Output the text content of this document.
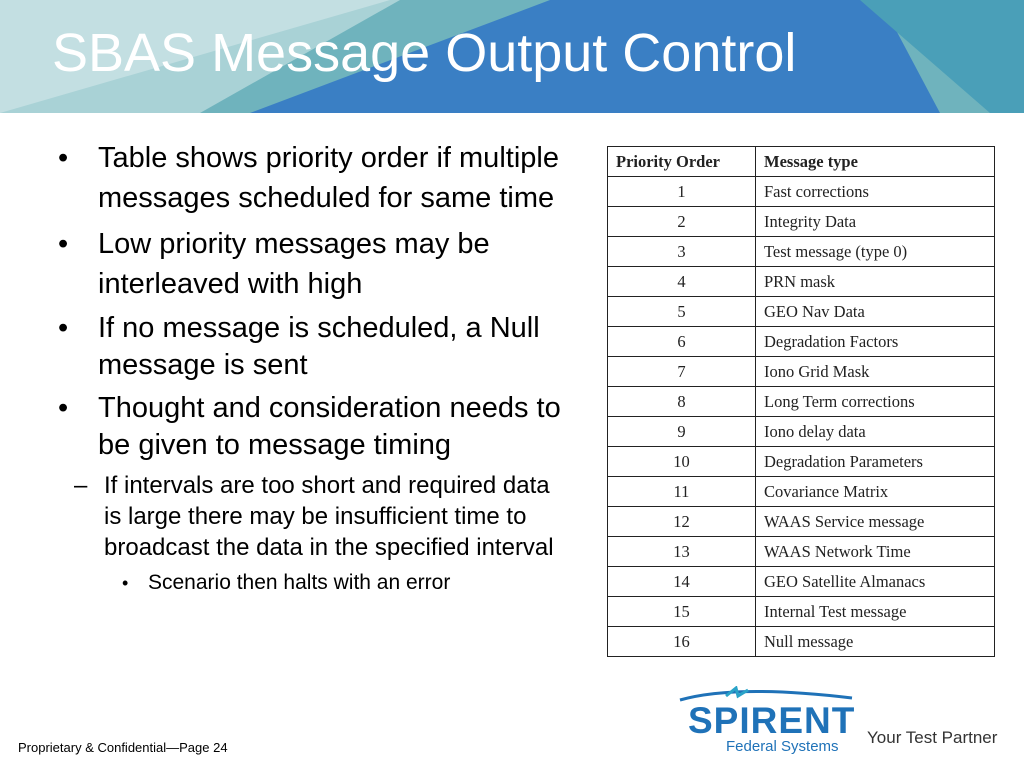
SBAS Message Output Control
• Table shows priority order if multiple messages scheduled for same time
• Low priority messages may be interleaved with high
• If no message is scheduled, a Null message is sent
• Thought and consideration needs to be given to message timing
– If intervals are too short and required data is large there may be insufficient time to broadcast the data in the specified interval
• Scenario then halts with an error
Priority Order	Message type
1	Fast corrections
2	Integrity Data
3	Test message (type 0)
4	PRN mask
5	GEO Nav Data
6	Degradation Factors
7	Iono Grid Mask
8	Long Term corrections
9	Iono delay data
10	Degradation Parameters
11	Covariance Matrix
12	WAAS Service message
13	WAAS Network Time
14	GEO Satellite Almanacs
15	Internal Test message
16	Null message
Proprietary & Confidential—Page 24
SPIRENT
Federal Systems Your Test Partner
